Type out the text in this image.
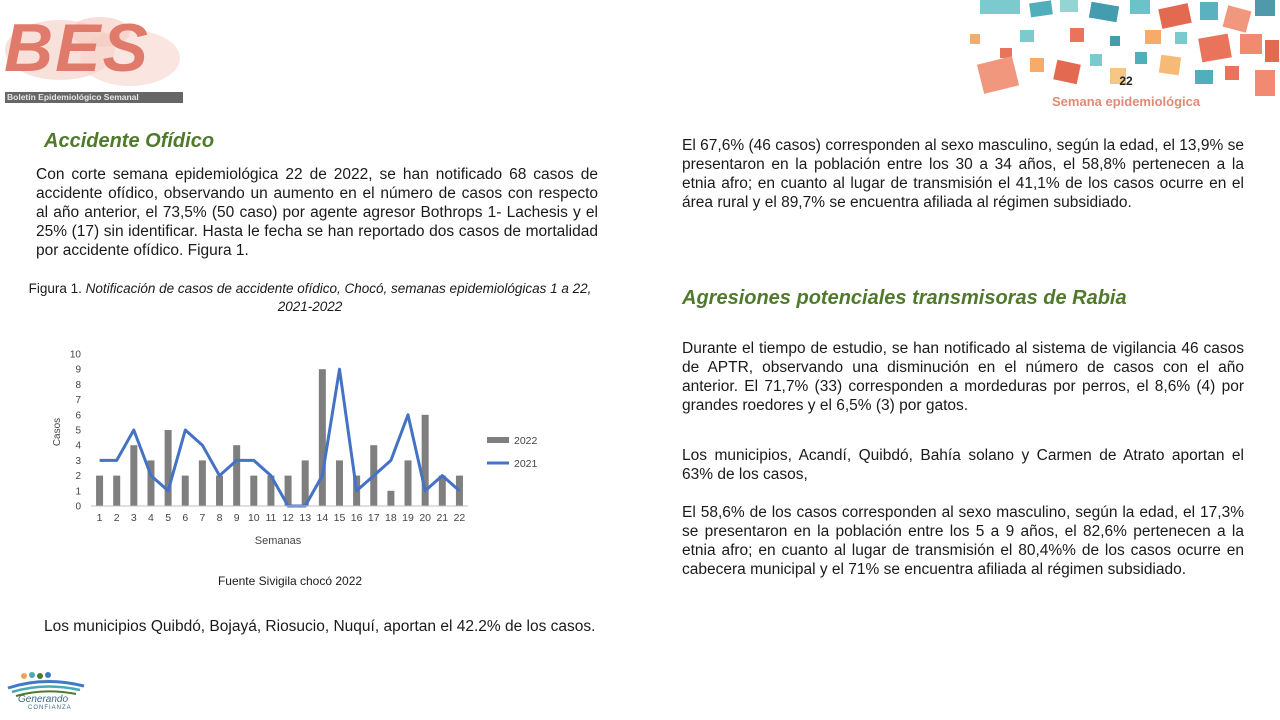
BES
Boletín Epidemiológico Semanal
22
Semana epidemiológica
Accidente Ofídico

Con corte semana epidemiológica 22 de 2022, se han notificado 68 casos de accidente ofídico, observando un aumento en el número de casos con respecto al año anterior, el 73,5% (50 caso) por agente agresor Bothrops 1- Lachesis y el 25% (17) sin identificar. Hasta le fecha se han reportado dos casos de mortalidad por accidente ofídico. Figura 1.

Figura 1. Notificación de casos de accidente ofídico, Chocó, semanas epidemiológicas 1 a 22, 2021-2022
Casos
Semanas
0
1
2
3
4
5
6
7
8
9
10
1 2 3 4 5 6 7 8 9 10 11 12 13 14 15 16 17 18 19 20 21 22
2022
2021
Fuente Sivigila chocó 2022

Los municipios Quibdó, Bojayá, Riosucio, Nuquí, aportan el 42.2% de los casos.

Generando
CONFIANZA

El 67,6% (46 casos) corresponden al sexo masculino, según la edad, el 13,9% se presentaron en la población entre los 30 a 34 años, el 58,8% pertenecen a la etnia afro; en cuanto al lugar de transmisión el 41,1% de los casos ocurre en el área rural y el 89,7% se encuentra afiliada al régimen subsidiado.

Agresiones potenciales transmisoras de Rabia

Durante el tiempo de estudio, se han notificado al sistema de vigilancia 46 casos de APTR, observando una disminución en el número de casos con el año anterior. El 71,7% (33) corresponden a mordeduras por perros, el 8,6% (4) por grandes roedores y el 6,5% (3) por gatos.

Los municipios, Acandí, Quibdó, Bahía solano y Carmen de Atrato aportan el 63% de los casos,

El 58,6% de los casos corresponden al sexo masculino, según la edad, el 17,3% se presentaron en la población entre los 5 a 9 años, el 82,6% pertenecen a la etnia afro; en cuanto al lugar de transmisión el 80,4%% de los casos ocurre en cabecera municipal y el 71% se encuentra afiliada al régimen subsidiado.
